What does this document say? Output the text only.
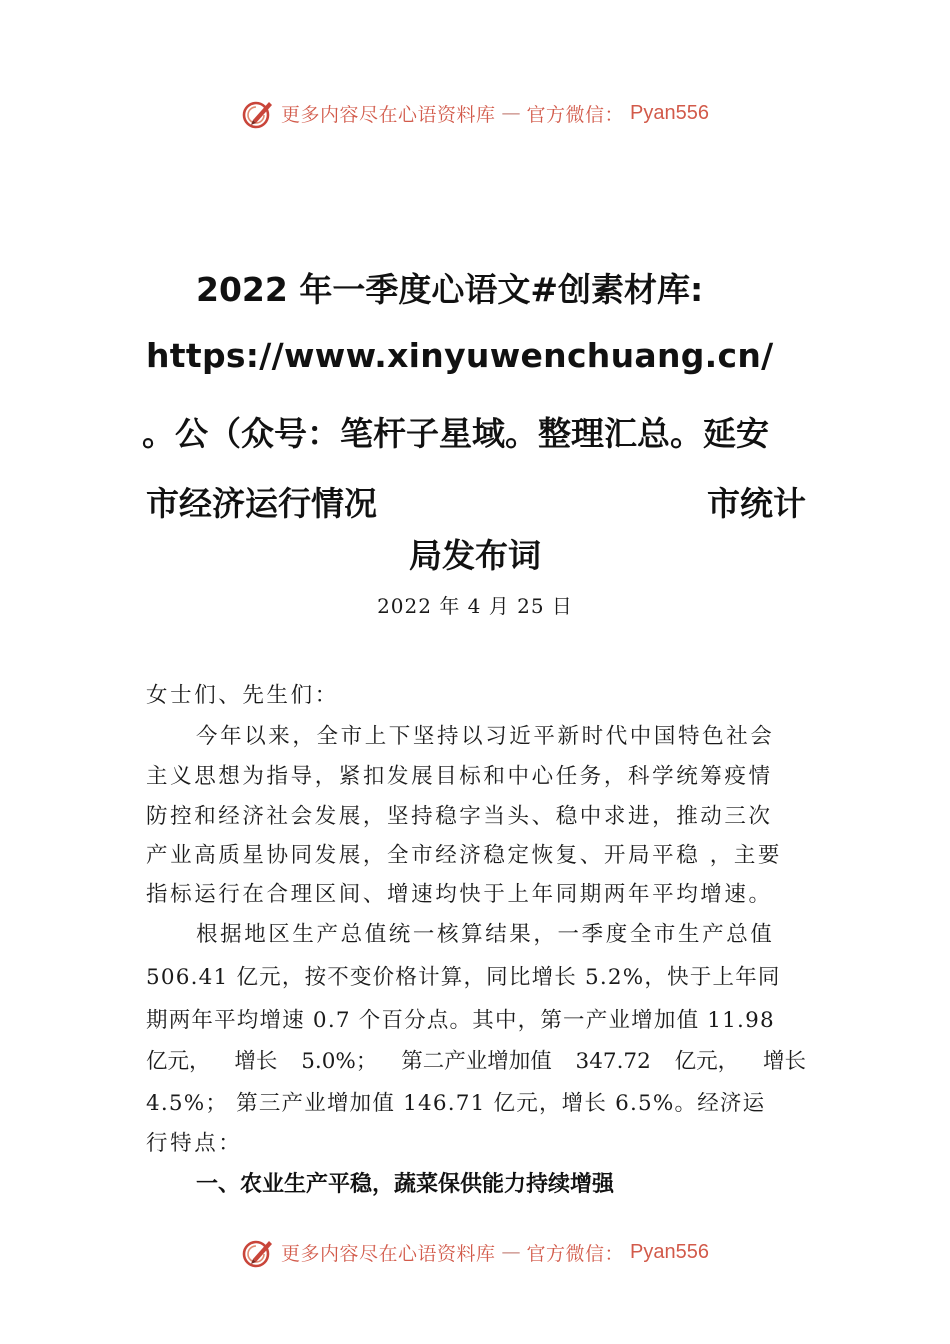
更多内容尽在心语资料库 — 官方微信： Pyan556
2022 年一季度心语文#创素材库:
https://www.xinyuwenchuang.cn/
。公（众号：笔杆子星域。整理汇总。延安
市经济运行情况	市统计
局发布词
2022 年 4 月 25 日
女士们、先生们：
今年以来，全市上下坚持以习近平新时代中国特色社会
主义思想为指导，紧扣发展目标和中心任务，科学统筹疫情
防控和经济社会发展，坚持稳字当头、稳中求进，推动三次
产业高质星协同发展，全市经济稳定恢复、开局平稳 ，主要
指标运行在合理区间、增速均快于上年同期两年平均增速。
根据地区生产总值统一核算结果，一季度全市生产总值
506.41 亿元，按不变价格计算，同比增长 5.2%，快于上年同
期两年平均增速 0.7 个百分点。其中，第一产业增加值 11.98
亿元， 增长 5.0%； 第二产业增加值 347.72 亿元， 增长
4.5%； 第三产业增加值 146.71 亿元，增长 6.5%。经济运
行特点：
一、农业生产平稳，蔬菜保供能力持续增强
更多内容尽在心语资料库 — 官方微信： Pyan556
